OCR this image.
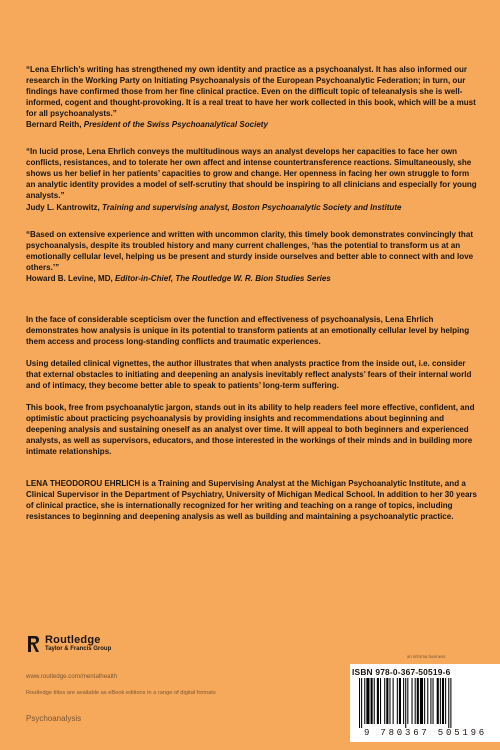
“Lena Ehrlich’s writing has strengthened my own identity and practice as a psychoanalyst. It has also informed our research in the Working Party on Initiating Psychoanalysis of the European Psychoanalytic Federation; in turn, our findings have confirmed those from her fine clinical practice. Even on the difficult topic of teleanalysis she is well-informed, cogent and thought-provoking. It is a real treat to have her work collected in this book, which will be a must for all psychoanalysts.”

Bernard Reith, President of the Swiss Psychoanalytical Society

“In lucid prose, Lena Ehrlich conveys the multitudinous ways an analyst develops her capacities to face her own conflicts, resistances, and to tolerate her own affect and intense countertransference reactions. Simultaneously, she shows us her belief in her patients’ capacities to grow and change. Her openness in facing her own struggle to form an analytic identity provides a model of self-scrutiny that should be inspiring to all clinicians and especially for young analysts.”

Judy L. Kantrowitz, Training and supervising analyst, Boston Psychoanalytic Society and Institute

“Based on extensive experience and written with uncommon clarity, this timely book demonstrates convincingly that psychoanalysis, despite its troubled history and many current challenges, ‘has the potential to transform us at an emotionally cellular level, helping us be present and sturdy inside ourselves and better able to connect with and love others.’”

Howard B. Levine, MD, Editor-in-Chief, The Routledge W. R. Bion Studies Series

In the face of considerable scepticism over the function and effectiveness of psychoanalysis, Lena Ehrlich demonstrates how analysis is unique in its potential to transform patients at an emotionally cellular level by helping them access and process long-standing conflicts and traumatic experiences.

Using detailed clinical vignettes, the author illustrates that when analysts practice from the inside out, i.e. consider that external obstacles to initiating and deepening an analysis inevitably reflect analysts’ fears of their internal world and of intimacy, they become better able to speak to patients’ long-term suffering.

This book, free from psychoanalytic jargon, stands out in its ability to help readers feel more effective, confident, and optimistic about practicing psychoanalysis by providing insights and recommendations about beginning and deepening analysis and sustaining oneself as an analyst over time. It will appeal to both beginners and experienced analysts, as well as supervisors, educators, and those interested in the workings of their minds and in building more intimate relationships.

LENA THEODOROU EHRLICH is a Training and Supervising Analyst at the Michigan Psychoanalytic Institute, and a Clinical Supervisor in the Department of Psychiatry, University of Michigan Medical School. In addition to her 30 years of clinical practice, she is internationally recognized for her writing and teaching on a range of topics, including resistances to beginning and deepening analysis as well as building and maintaining a psychoanalytic practice.

Routledge
Taylor & Francis Group
www.routledge.com/mentalhealth
Routledge titles are available as eBook editions in a range of digital formats
Psychoanalysis
an informa business
9 780367 505196
ISBN 978-0-367-50519-6
